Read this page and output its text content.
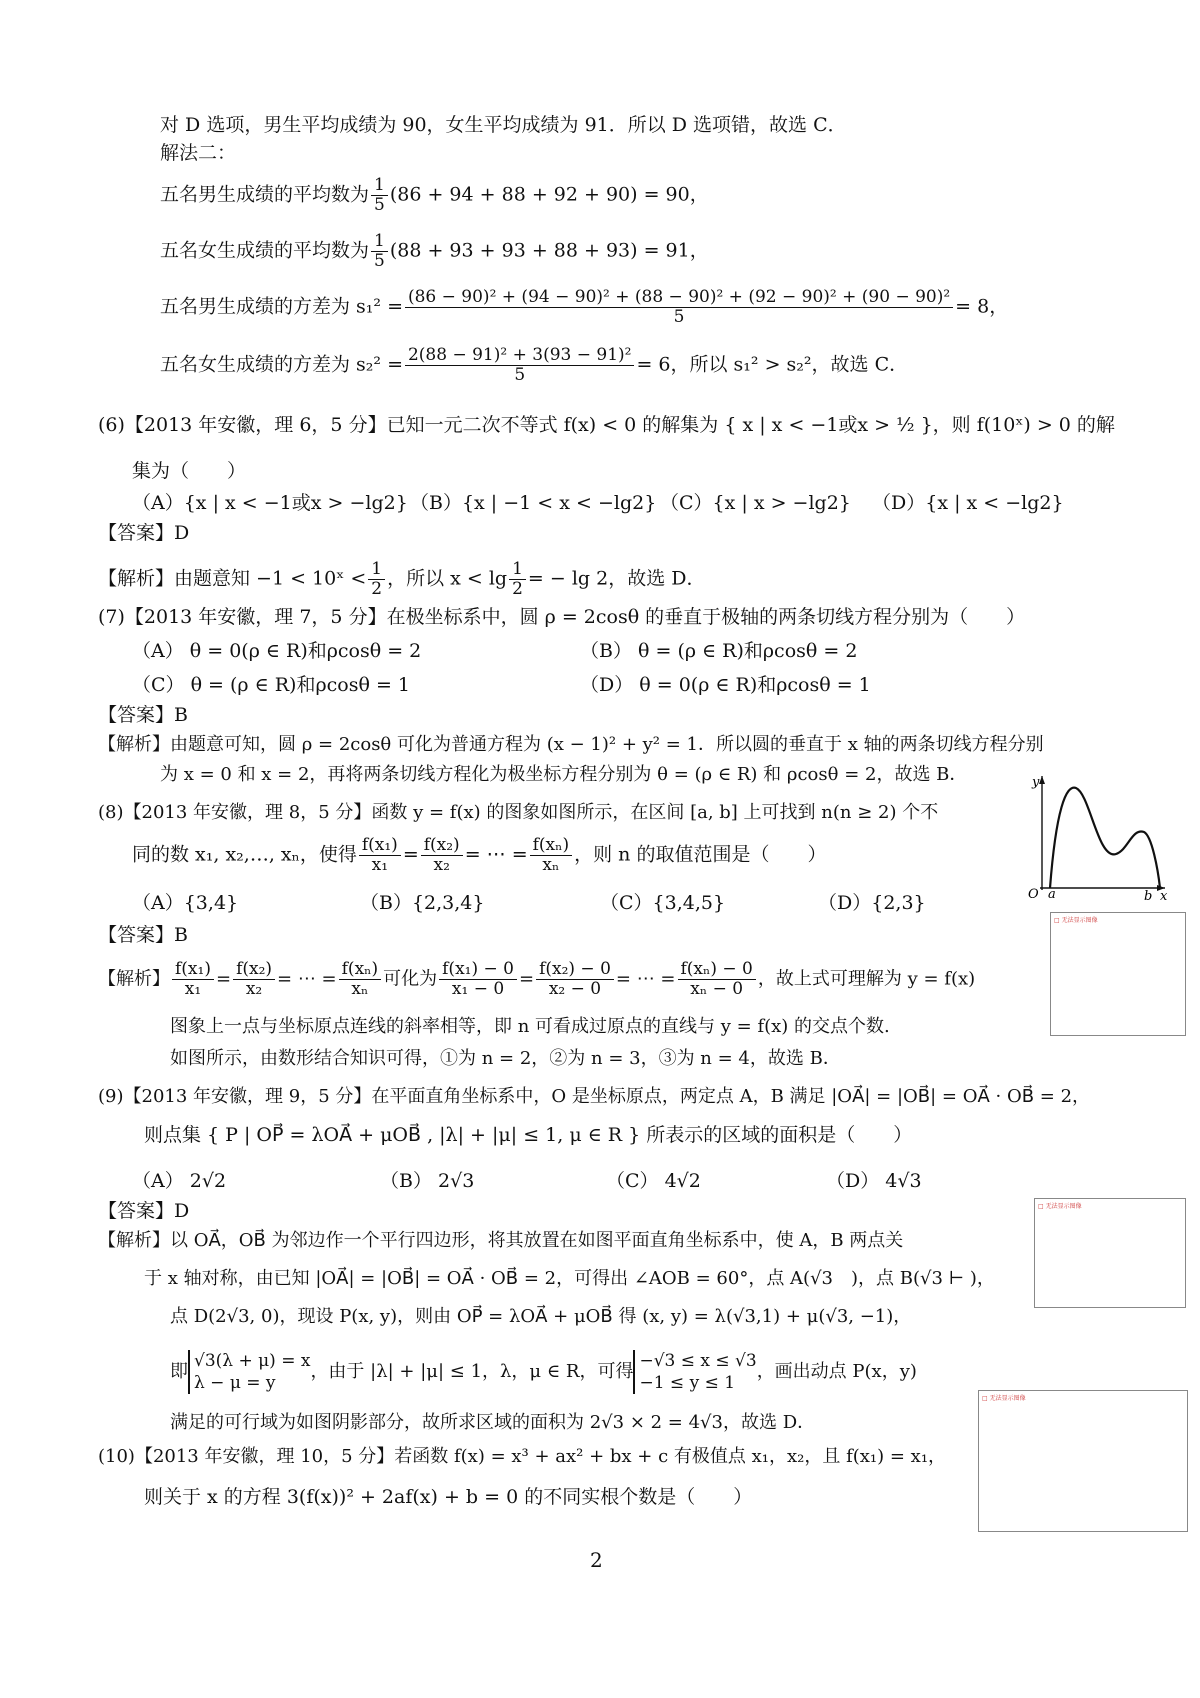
对 D 选项，男生平均成绩为 90，女生平均成绩为 91．所以 D 选项错，故选 C．
解法二：
五名男生成绩的平均数为 $\frac{1}{5} (86 + 94 + 88 + 92 + 90) = 90$，
五名女生成绩的平均数为 $\frac{1}{5} (88 + 93 + 93 + 88 + 93) = 91$，
五名男生成绩的方差为 s₁² = (86 − 90)² + (94 − 90)² + (88 − 90)² + (92 − 90)² + (90 − 90)²
5	= 8，
五名女生成绩的方差为 $s_2^2 = \frac{\text{2(88 − 91)² + 3(93 − 91)²}}{5} = 6$，所以 s₁² > s₂²，故选 C．
(6)【2013 年安徽，理 6，5 分】已知一元二次不等式 f(x) < 0 的解集为 { x | x < −1或x > ½ }，则 f(10ˣ) > 0 的解
集为（　　）
（A）{x | x < −1或x > −lg2} （B）{x | −1 < x < −lg2} （C）{x | x > −lg2} （D）{x | x < −lg2}
【答案】D
【解析】由题意知 −1 < 10ˣ < $\frac{1}{2}$ ，所以 $x < \lg \frac{1}{2}$ = − lg 2，故选 D．
(7)【2013 年安徽，理 7，5 分】在极坐标系中，圆 ρ = 2cosθ 的垂直于极轴的两条切线方程分别为（　　）
（A） θ = 0(ρ ∈ R)和ρcosθ = 2	（B） θ = (ρ ∈ R)和ρcosθ = 2
（C） θ = (ρ ∈ R)和ρcosθ = 1	（D） θ = 0(ρ ∈ R)和ρcosθ = 1
【答案】B
【解析】由题意可知，圆 ρ = 2cosθ 可化为普通方程为 (x − 1)² + y² = 1．所以圆的垂直于 x 轴的两条切线方程分别
为 x = 0 和 x = 2，再将两条切线方程化为极坐标方程分别为 θ = (ρ ∈ R) 和 ρcosθ = 2，故选 B．
(8)【2013 年安徽，理 8，5 分】函数 y = f(x) 的图象如图所示，在区间 [a, b] 上可找到 n(n ≥ 2) 个不
同的数 x₁, x₂,…, xₙ，使得 $\frac{\text{f(x₁)}}{\text{x₁}} = \frac{\text{f(x₂)}}{\text{x₂}}$ = ⋯ = $\frac{\text{f(xₙ)}}{\text{xₙ}}$ ，则 n 的取值范围是（　　）
（A）{3,4}	（B）{2,3,4}	（C）{3,4,5}	（D）{2,3}
【答案】B
【解析】 $\frac{\text{f(x₁)}}{\text{x₁}} = \frac{\text{f(x₂)}}{\text{x₂}}$ = ⋯ = $\frac{\text{f(xₙ)}}{\text{xₙ}}$ 可化为 $\frac{\text{f(x₁) − 0}}{\text{x₁ − 0}} = \frac{\text{f(x₂) − 0}}{\text{x₂ − 0}}$ = ⋯ = $\frac{\text{f(xₙ) − 0}}{\text{xₙ − 0}}$ ，故上式可理解为 y = f(x)
图象上一点与坐标原点连线的斜率相等，即 n 可看成过原点的直线与 y = f(x) 的交点个数.
如图所示，由数形结合知识可得，①为 n = 2，②为 n = 3，③为 n = 4，故选 B．
y
x
O a	b
□ 无法显示图像
□ 无法显示图像
□ 无法显示图像
(9)【2013 年安徽，理 9，5 分】在平面直角坐标系中，O 是坐标原点，两定点 A，B 满足 |OA⃗| = |OB⃗| = OA⃗ · OB⃗ = 2，
则点集 { P | OP⃗ = λOA⃗ + μOB⃗ , |λ| + |μ| ≤ 1, μ ∈ R } 所表示的区域的面积是（　　）
（A） 2√2	（B） 2√3	（C） 4√2	（D） 4√3
【答案】D
【解析】以 OA⃗，OB⃗ 为邻边作一个平行四边形，将其放置在如图平面直角坐标系中，使 A，B 两点关
于 x 轴对称，由已知 |OA⃗| = |OB⃗| = OA⃗ · OB⃗ = 2，可得出 ∠AOB = 60°，点 A(√3　)，点 B(√3 ⊢ )，
点 D(2√3, 0)，现设 P(x, y)，则由 OP⃗ = λOA⃗ + μOB⃗ 得 (x, y) = λ(√3,1) + μ(√3, −1)，
即 √3(λ + μ) = x
λ − μ = y
，由于 |λ| + |μ| ≤ 1，λ，μ ∈ R，可得 −√3 ≤ x ≤ √3
−1 ≤ y ≤ 1
，画出动点 P(x，y)
满足的可行域为如图阴影部分，故所求区域的面积为 2√3 × 2 = 4√3，故选 D．
(10)【2013 年安徽，理 10，5 分】若函数 f(x) = x³ + ax² + bx + c 有极值点 x₁，x₂，且 f(x₁) = x₁，
则关于 x 的方程 3(f(x))² + 2af(x) + b = 0 的不同实根个数是（　　）
2
